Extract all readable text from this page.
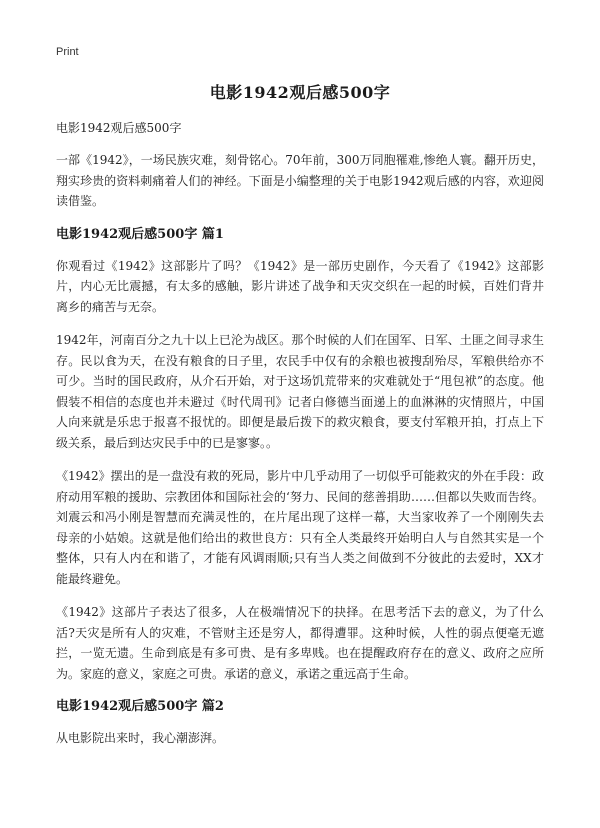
Print
电影1942观后感500字
电影1942观后感500字

一部《1942》，一场民族灾难，刻骨铭心。70年前，300万同胞罹难,惨绝人寰。翻开历史，翔实珍贵的资料刺痛着人们的神经。下面是小编整理的关于电影1942观后感的内容，欢迎阅读借鉴。

电影1942观后感500字 篇1

你观看过《1942》这部影片了吗？《1942》是一部历史剧作，今天看了《1942》这部影片，内心无比震撼，有太多的感触，影片讲述了战争和天灾交织在一起的时候，百姓们背井离乡的痛苦与无奈。

1942年，河南百分之九十以上已沦为战区。那个时候的人们在国军、日军、土匪之间寻求生存。民以食为天，在没有粮食的日子里，农民手中仅有的余粮也被搜刮殆尽，军粮供给亦不可少。当时的国民政府，从介石开始，对于这场饥荒带来的灾难就处于“甩包袱”的态度。他假装不相信的态度也并未避过《时代周刊》记者白修德当面递上的血淋淋的灾情照片，中国人向来就是乐忠于报喜不报忧的。即便是最后拨下的救灾粮食，要支付军粮开拍，打点上下级关系，最后到达灾民手中的已是寥寥。。

《1942》摆出的是一盘没有救的死局，影片中几乎动用了一切似乎可能救灾的外在手段：政府动用军粮的援助、宗教团体和国际社会的‘努力、民间的慈善捐助……但都以失败而告终。刘震云和冯小刚是智慧而充满灵性的，在片尾出现了这样一幕，大当家收养了一个刚刚失去母亲的小姑娘。这就是他们给出的救世良方：只有全人类最终开始明白人与自然其实是一个整体，只有人内在和谐了，才能有风调雨顺;只有当人类之间做到不分彼此的去爱时，XX才能最终避免。

《1942》这部片子表达了很多，人在极端情况下的抉择。在思考活下去的意义，为了什么活?天灾是所有人的灾难，不管财主还是穷人，都得遭罪。这种时候，人性的弱点便毫无遮拦，一览无遗。生命到底是有多可贵、是有多卑贱。也在提醒政府存在的意义、政府之应所为。家庭的意义，家庭之可贵。承诺的意义，承诺之重远高于生命。

电影1942观后感500字 篇2

从电影院出来时，我心潮澎湃。
